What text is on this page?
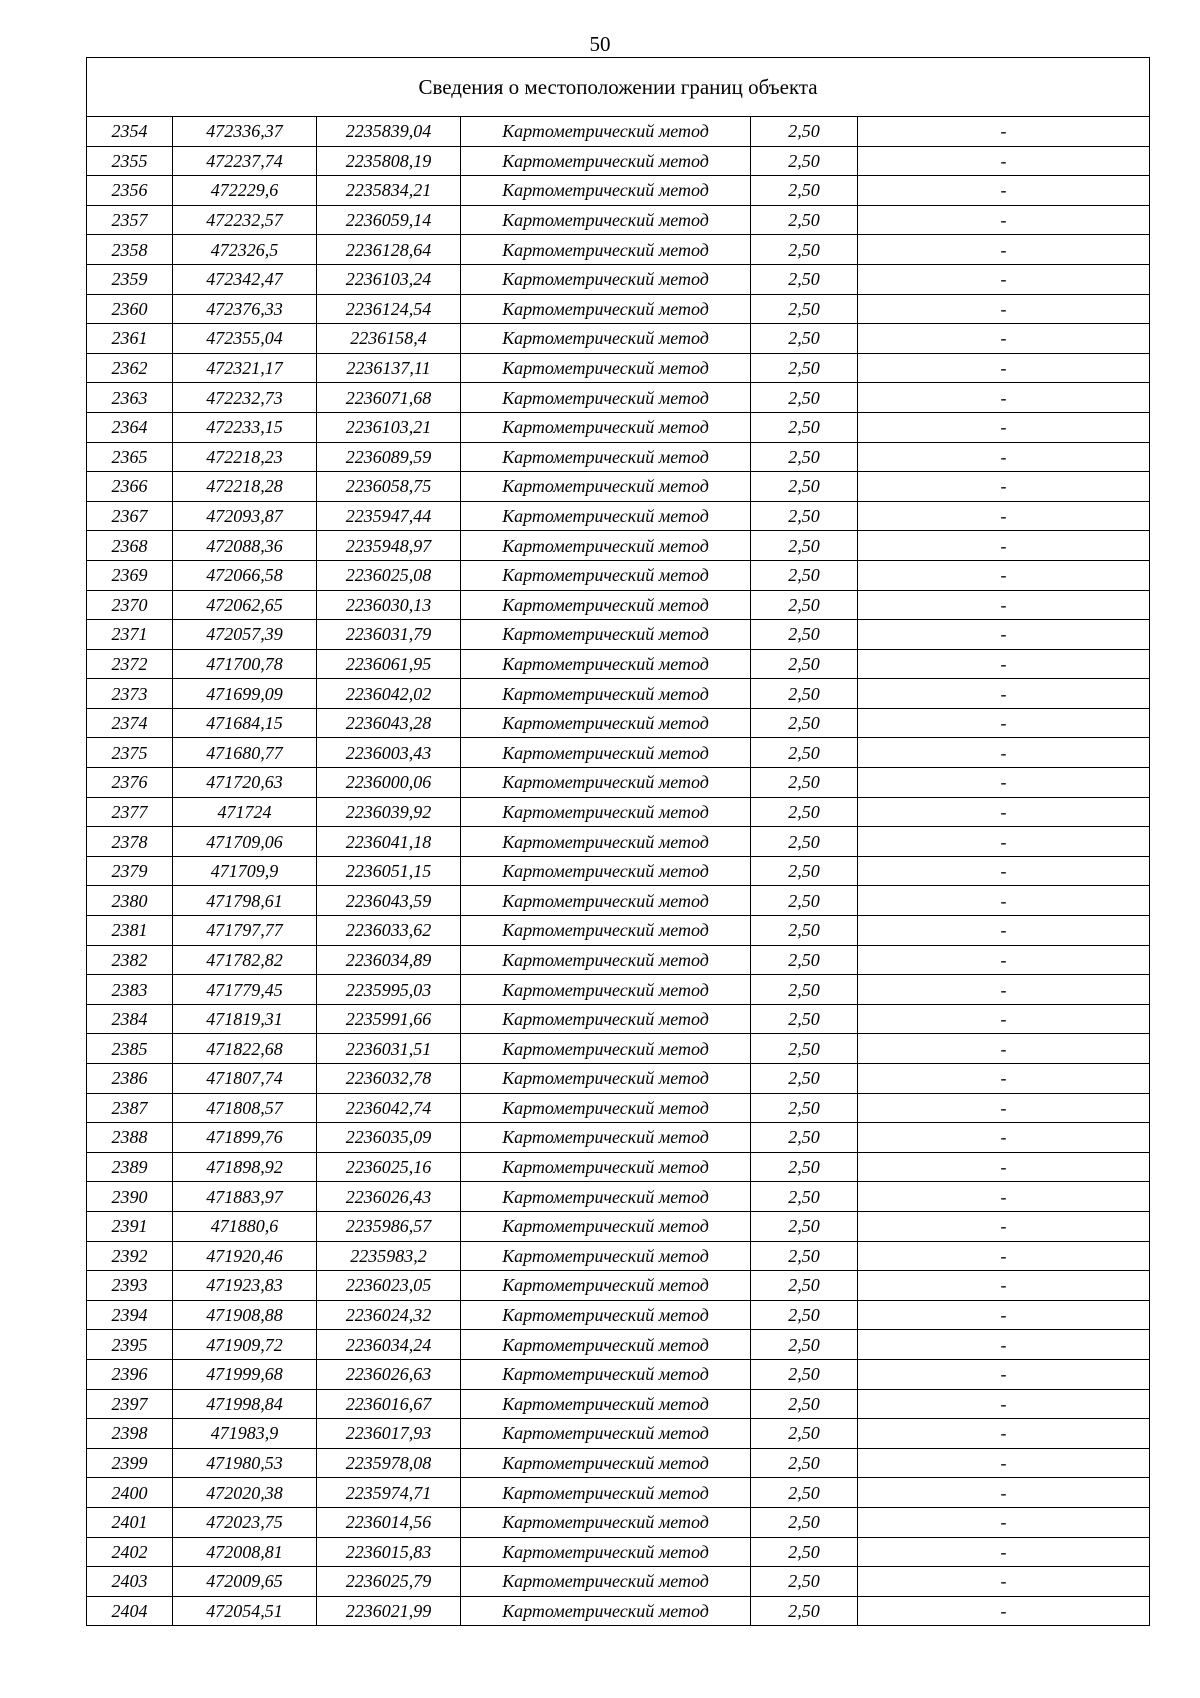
50
Сведения о местоположении границ объекта					
2354	472336,37	2235839,04	Картометрический метод	2,50	-
2355	472237,74	2235808,19	Картометрический метод	2,50	-
2356	472229,6	2235834,21	Картометрический метод	2,50	-
2357	472232,57	2236059,14	Картометрический метод	2,50	-
2358	472326,5	2236128,64	Картометрический метод	2,50	-
2359	472342,47	2236103,24	Картометрический метод	2,50	-
2360	472376,33	2236124,54	Картометрический метод	2,50	-
2361	472355,04	2236158,4	Картометрический метод	2,50	-
2362	472321,17	2236137,11	Картометрический метод	2,50	-
2363	472232,73	2236071,68	Картометрический метод	2,50	-
2364	472233,15	2236103,21	Картометрический метод	2,50	-
2365	472218,23	2236089,59	Картометрический метод	2,50	-
2366	472218,28	2236058,75	Картометрический метод	2,50	-
2367	472093,87	2235947,44	Картометрический метод	2,50	-
2368	472088,36	2235948,97	Картометрический метод	2,50	-
2369	472066,58	2236025,08	Картометрический метод	2,50	-
2370	472062,65	2236030,13	Картометрический метод	2,50	-
2371	472057,39	2236031,79	Картометрический метод	2,50	-
2372	471700,78	2236061,95	Картометрический метод	2,50	-
2373	471699,09	2236042,02	Картометрический метод	2,50	-
2374	471684,15	2236043,28	Картометрический метод	2,50	-
2375	471680,77	2236003,43	Картометрический метод	2,50	-
2376	471720,63	2236000,06	Картометрический метод	2,50	-
2377	471724	2236039,92	Картометрический метод	2,50	-
2378	471709,06	2236041,18	Картометрический метод	2,50	-
2379	471709,9	2236051,15	Картометрический метод	2,50	-
2380	471798,61	2236043,59	Картометрический метод	2,50	-
2381	471797,77	2236033,62	Картометрический метод	2,50	-
2382	471782,82	2236034,89	Картометрический метод	2,50	-
2383	471779,45	2235995,03	Картометрический метод	2,50	-
2384	471819,31	2235991,66	Картометрический метод	2,50	-
2385	471822,68	2236031,51	Картометрический метод	2,50	-
2386	471807,74	2236032,78	Картометрический метод	2,50	-
2387	471808,57	2236042,74	Картометрический метод	2,50	-
2388	471899,76	2236035,09	Картометрический метод	2,50	-
2389	471898,92	2236025,16	Картометрический метод	2,50	-
2390	471883,97	2236026,43	Картометрический метод	2,50	-
2391	471880,6	2235986,57	Картометрический метод	2,50	-
2392	471920,46	2235983,2	Картометрический метод	2,50	-
2393	471923,83	2236023,05	Картометрический метод	2,50	-
2394	471908,88	2236024,32	Картометрический метод	2,50	-
2395	471909,72	2236034,24	Картометрический метод	2,50	-
2396	471999,68	2236026,63	Картометрический метод	2,50	-
2397	471998,84	2236016,67	Картометрический метод	2,50	-
2398	471983,9	2236017,93	Картометрический метод	2,50	-
2399	471980,53	2235978,08	Картометрический метод	2,50	-
2400	472020,38	2235974,71	Картометрический метод	2,50	-
2401	472023,75	2236014,56	Картометрический метод	2,50	-
2402	472008,81	2236015,83	Картометрический метод	2,50	-
2403	472009,65	2236025,79	Картометрический метод	2,50	-
2404	472054,51	2236021,99	Картометрический метод	2,50	-
